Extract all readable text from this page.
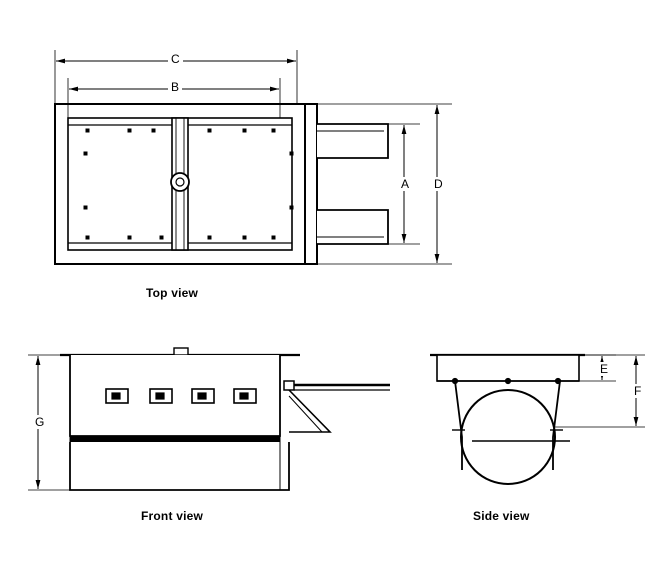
C
B
A D
E
F
G
Top view
Front view	Side view
